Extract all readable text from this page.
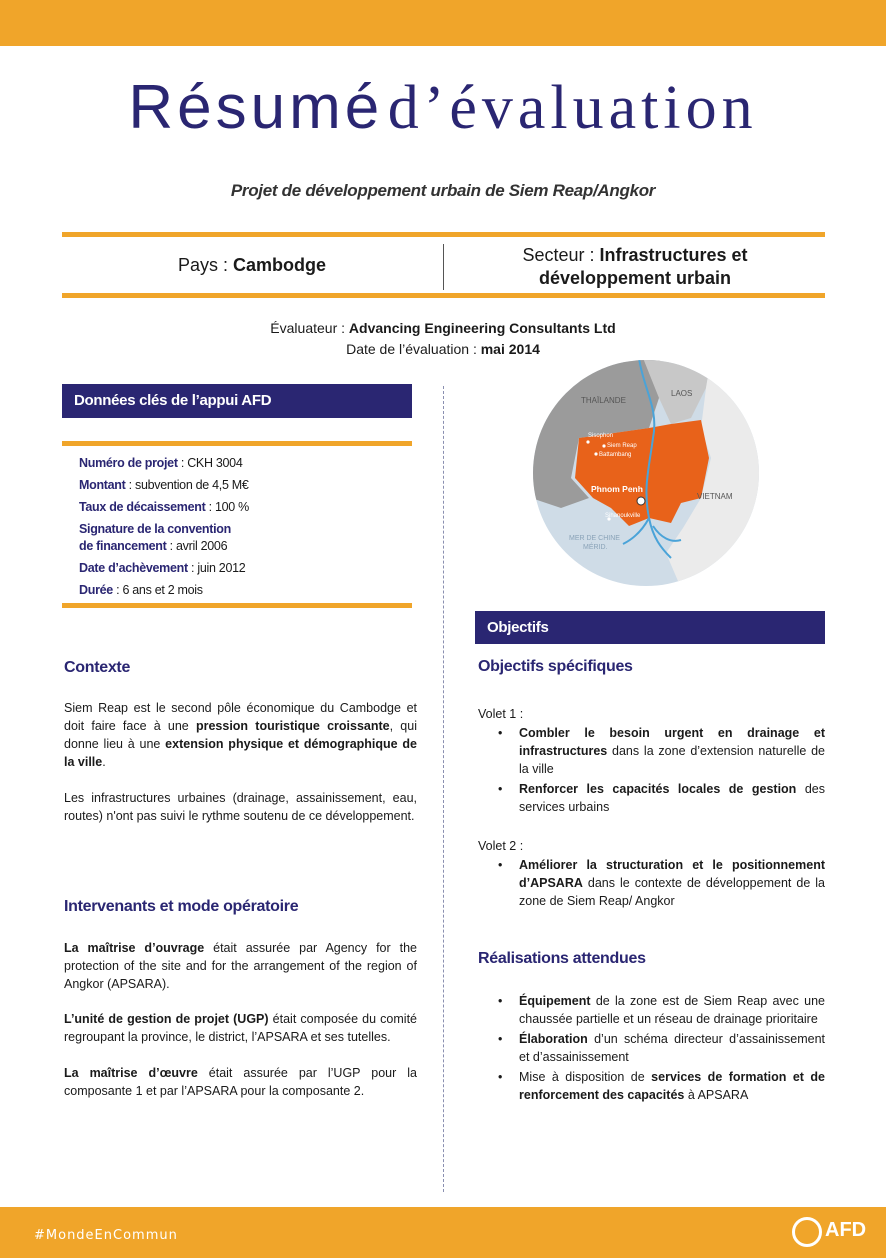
Résumé d’évaluation
Projet de développement urbain de Siem Reap/Angkor
Pays : Cambodge	Secteur : Infrastructures et
développement urbain
Évaluateur : Advancing Engineering Consultants Ltd
Date de l’évaluation : mai 2014
Données clés de l’appui AFD
Numéro de projet : CKH 3004
Montant : subvention de 4,5 M€
Taux de décaissement : 100 %
Signature de la convention de financement : avril 2006
Date d’achèvement : juin 2012
Durée : 6 ans et 2 mois
THAÏLANDE
LAOS
VIETNAM
MER DE CHINE
MÉRID.
Sisophon
Siem Reap
Battambang
Phnom Penh
Sihanoukville
Contexte
Siem Reap est le second pôle économique du Cambodge et doit faire face à une pression touristique croissante, qui donne lieu à une extension physique et démographique de la ville.
Les infrastructures urbaines (drainage, assainissement, eau, routes) n'ont pas suivi le rythme soutenu de ce développement.
Intervenants et mode opératoire
La maîtrise d’ouvrage était assurée par Agency for the protection of the site and for the arrangement of the region of Angkor (APSARA).
L’unité de gestion de projet (UGP) était composée du comité regroupant la province, le district, l’APSARA et ses tutelles.
La maîtrise d’œuvre était assurée par l’UGP pour la composante 1 et par l’APSARA pour la composante 2.
Objectifs
Objectifs spécifiques
Volet 1 :
• Combler le besoin urgent en drainage et infrastructures dans la zone d’extension naturelle de la ville
• Renforcer les capacités locales de gestion des services urbains
Volet 2 :
• Améliorer la structuration et le positionnement d’APSARA dans le contexte de développement de la zone de Siem Reap/ Angkor
Réalisations attendues
• Équipement de la zone est de Siem Reap avec une chaussée partielle et un réseau de drainage prioritaire
• Élaboration d’un schéma directeur d’assainissement et d’assainissement
• Mise à disposition de services de formation et de renforcement des capacités à APSARA
#MondeEnCommun	AFD
